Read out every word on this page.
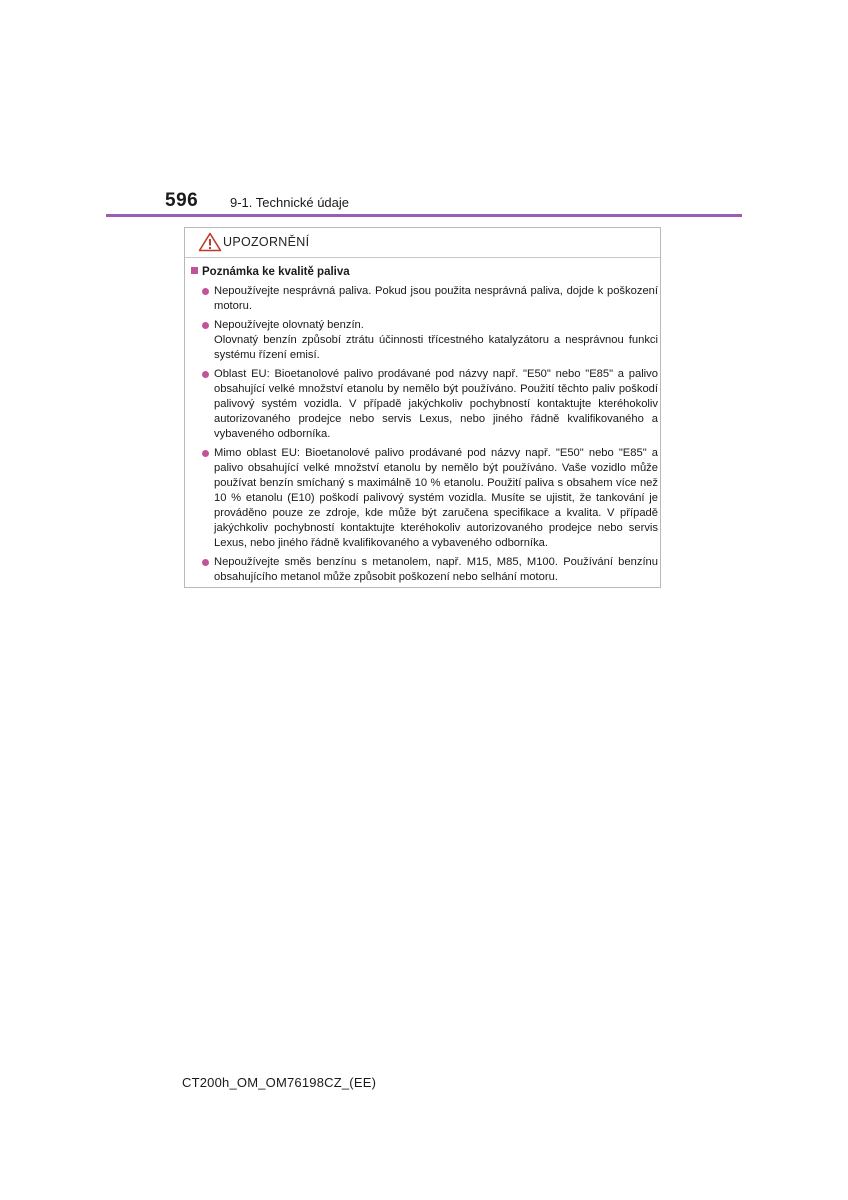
596 9-1. Technické údaje
UPOZORNĚNÍ
Poznámka ke kvalitě paliva

Nepoužívejte nesprávná paliva. Pokud jsou použita nesprávná paliva, dojde k poškození motoru.

Nepoužívejte olovnatý benzín.

Olovnatý benzín způsobí ztrátu účinnosti třícestného katalyzátoru a nesprávnou funkci systému řízení emisí.

Oblast EU: Bioetanolové palivo prodávané pod názvy např. "E50" nebo "E85" a palivo obsahující velké množství etanolu by nemělo být používáno. Použití těchto paliv poškodí palivový systém vozidla. V případě jakýchkoliv pochybností kontaktujte kteréhokoliv autorizovaného prodejce nebo servis Lexus, nebo jiného řádně kvalifikovaného a vybaveného odborníka.

Mimo oblast EU: Bioetanolové palivo prodávané pod názvy např. "E50" nebo "E85" a palivo obsahující velké množství etanolu by nemělo být používáno. Vaše vozidlo může používat benzín smíchaný s maximálně 10 % etanolu. Použití paliva s obsahem více než 10 % etanolu (E10) poškodí palivový systém vozidla. Musíte se ujistit, že tankování je prováděno pouze ze zdroje, kde může být zaručena specifikace a kvalita. V případě jakýchkoliv pochybností kontaktujte kteréhokoliv autorizovaného prodejce nebo servis Lexus, nebo jiného řádně kvalifikovaného a vybaveného odborníka.

Nepoužívejte směs benzínu s metanolem, např. M15, M85, M100. Používání benzínu obsahujícího metanol může způsobit poškození nebo selhání motoru.

CT200h_OM_OM76198CZ_(EE)
